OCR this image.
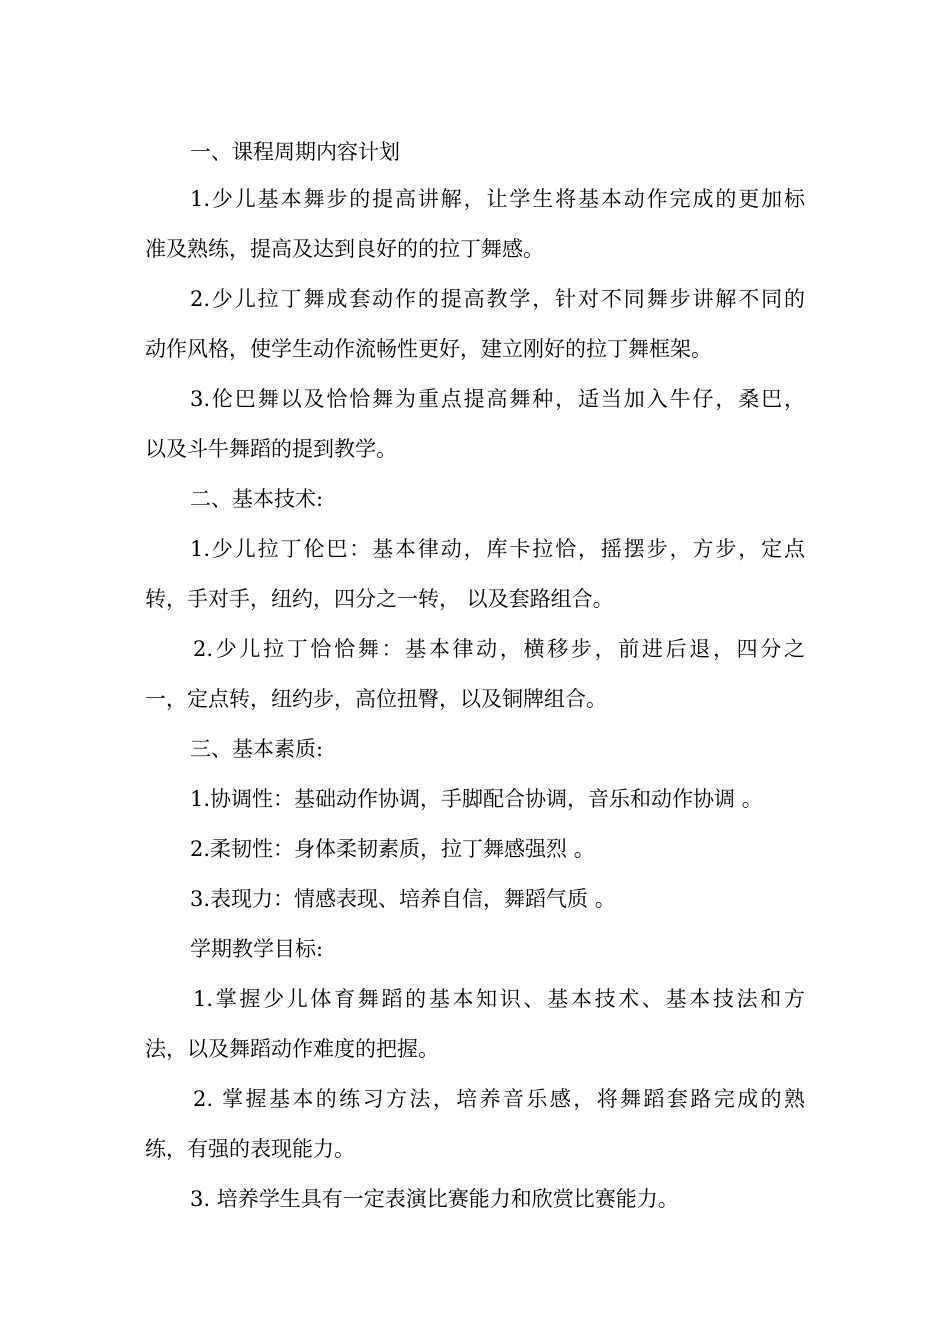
一、课程周期内容计划

1.少儿基本舞步的提高讲解，让学生将基本动作完成的更加标

准及熟练，提高及达到良好的的拉丁舞感。

2.少儿拉丁舞成套动作的提高教学，针对不同舞步讲解不同的

动作风格，使学生动作流畅性更好，建立刚好的拉丁舞框架。

3.伦巴舞以及恰恰舞为重点提高舞种，适当加入牛仔，桑巴，

以及斗牛舞蹈的提到教学。

二、基本技术:

1.少儿拉丁伦巴：基本律动，库卡拉恰，摇摆步，方步，定点

转，手对手，纽约，四分之一转， 以及套路组合。

2.少儿拉丁恰恰舞：基本律动，横移步，前进后退，四分之

一，定点转，纽约步，高位扭臀，以及铜牌组合。

三、基本素质:

1.协调性：基础动作协调，手脚配合协调，音乐和动作协调 。

2.柔韧性：身体柔韧素质，拉丁舞感强烈 。

3.表现力：情感表现、培养自信，舞蹈气质 。

学期教学目标:

1.掌握少儿体育舞蹈的基本知识、基本技术、基本技法和方

法，以及舞蹈动作难度的把握。

2. 掌握基本的练习方法，培养音乐感，将舞蹈套路完成的熟

练，有强的表现能力。

3. 培养学生具有一定表演比赛能力和欣赏比赛能力。
